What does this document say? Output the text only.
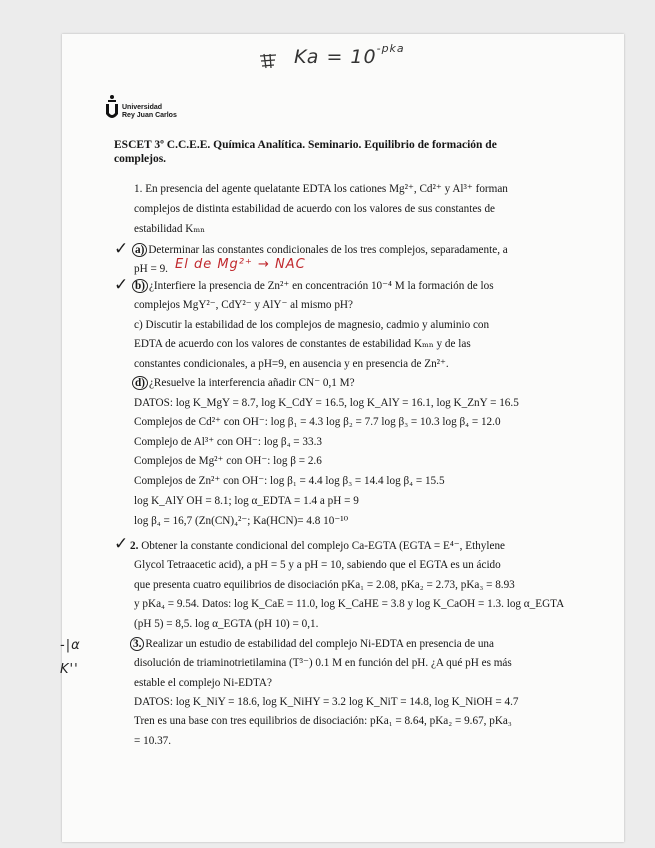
$Ka = 10^{-pka}$
Universidad
Rey Juan Carlos
ESCET 3º C.C.E.E. Química Analítica. Seminario. Equilibrio de formación de
complejos.
1. En presencia del agente quelatante EDTA los cationes Mg²⁺, Cd²⁺ y Al³⁺ forman
complejos de distinta estabilidad de acuerdo con los valores de sus constantes de
estabilidad Kₘₙ
✓ a) Determinar las constantes condicionales de los tres complejos, separadamente, a
pH = 9. El de Mg²⁺ → NAC
✓ b) ¿Interfiere la presencia de Zn²⁺ en concentración 10⁻⁴ M la formación de los
complejos MgY²⁻, CdY²⁻ y AlY⁻ al mismo pH?
c) Discutir la estabilidad de los complejos de magnesio, cadmio y aluminio con
EDTA de acuerdo con los valores de constantes de estabilidad Kₘₙ y de las
constantes condicionales, a pH=9, en ausencia y en presencia de Zn²⁺.
d) ¿Resuelve la interferencia añadir CN⁻ 0,1 M?
DATOS: log K_MgY = 8.7, log K_CdY = 16.5, log K_AlY = 16.1, log K_ZnY = 16.5
Complejos de Cd²⁺ con OH⁻: log β₁ = 4.3 log β₂ = 7.7 log β₃ = 10.3 log β₄ = 12.0
Complejo de Al³⁺ con OH⁻: log β₄ = 33.3
Complejos de Mg²⁺ con OH⁻: log β = 2.6
Complejos de Zn²⁺ con OH⁻: log β₁ = 4.4 log β₃ = 14.4 log β₄ = 15.5
log K_AlY OH = 8.1; log α_EDTA = 1.4 a pH = 9
log β₄ = 16,7 (Zn(CN)₄²⁻; Ka(HCN)= 4.8 10⁻¹⁰
✓ 2. Obtener la constante condicional del complejo Ca-EGTA (EGTA = E⁴⁻, Ethylene
Glycol Tetraacetic acid), a pH = 5 y a pH = 10, sabiendo que el EGTA es un ácido
que presenta cuatro equilibrios de disociación pKa₁ = 2.08, pKa₂ = 2.73, pKa₃ = 8.93
y pKa₄ = 9.54. Datos: log K_CaE = 11.0, log K_CaHE = 3.8 y log K_CaOH = 1.3. log α_EGTA
(pH 5) = 8,5. log α_EGTA (pH 10) = 0,1.
-|α K''
3. Realizar un estudio de estabilidad del complejo Ni-EDTA en presencia de una
disolución de triaminotrietilamina (T³⁻) 0.1 M en función del pH. ¿A qué pH es más
estable el complejo Ni-EDTA?
DATOS: log K_NiY = 18.6, log K_NiHY = 3.2 log K_NiT = 14.8, log K_NiOH = 4.7
Tren es una base con tres equilibrios de disociación: pKa₁ = 8.64, pKa₂ = 9.67, pKa₃
= 10.37.
